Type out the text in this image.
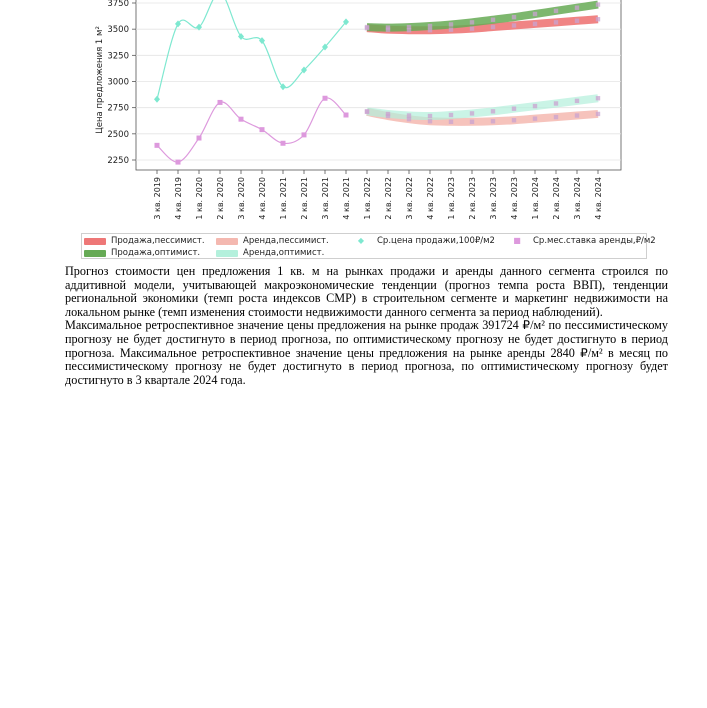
2250
2500
2750
3000
3250
3500
3750
3 кв. 2019 4 кв. 2019 1 кв. 2020 2 кв. 2020 3 кв. 2020 4 кв. 2020 1 кв. 2021 2 кв. 2021 3 кв. 2021 4 кв. 2021 1 кв. 2022 2 кв. 2022 3 кв. 2022 4 кв. 2022 1 кв. 2023 2 кв. 2023 3 кв. 2023 4 кв. 2023 1 кв. 2024 2 кв. 2024 3 кв. 2024 4 кв. 2024
Цена предложения 1 м²
Продажа,пессимист.	Аренда,пессимист.	◆	Ср.цена продажи,100₽/м2	■	Ср.мес.ставка аренды,₽/м2
Продажа,оптимист.	Аренда,оптимист.

Прогноз стоимости цен предложения 1 кв. м на рынках продажи и аренды данного сегмента строился по аддитивной модели, учитывающей макроэкономические тенденции (прогноз темпа роста ВВП), тенденции региональной экономики (темп роста индексов СМР) в строительном сегменте и маркетинг недвижимости на локальном рынке (темп изменения стоимости недвижимости данного сегмента за период наблюдений).

Максимальное ретроспективное значение цены предложения на рынке продаж 391724 ₽/м² по пессимистическому прогнозу не будет достигнуто в период прогноза, по оптимистическому прогнозу не будет достигнуто в период прогноза. Максимальное ретроспективное значение цены предложения на рынке аренды 2840 ₽/м² в месяц по пессимистическому прогнозу не будет достигнуто в период прогноза, по оптимистическому прогнозу будет достигнуто в 3 квартале 2024 года.
